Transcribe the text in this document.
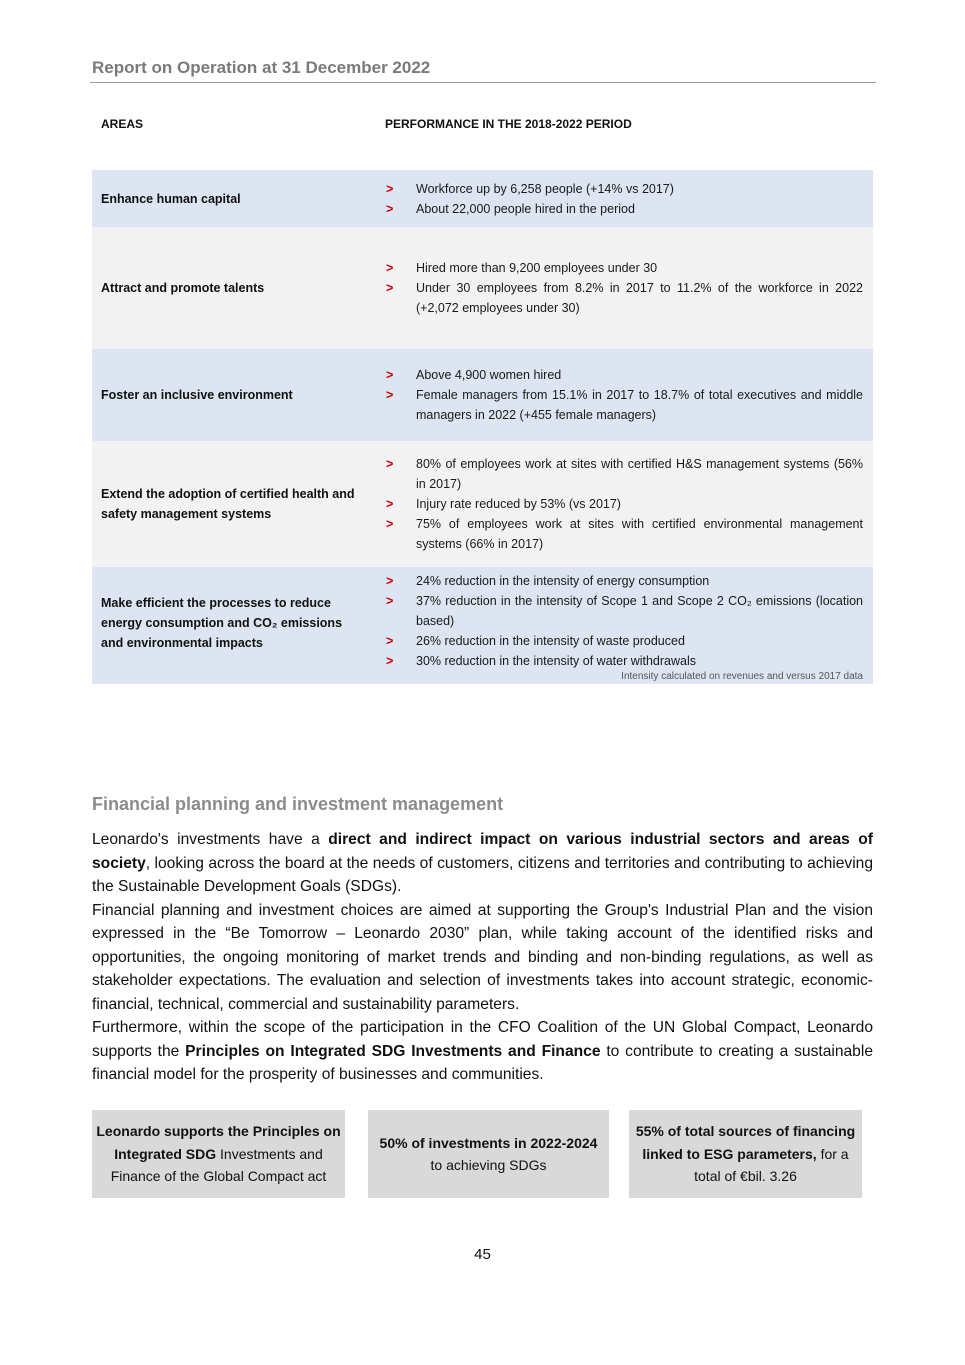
Report on Operation at 31 December 2022
AREAS	PERFORMANCE IN THE 2018-2022 PERIOD
Enhance human capital
>	Workforce up by 6,258 people (+14% vs 2017)
>	About 22,000 people hired in the period
Attract and promote talents
>	Hired more than 9,200 employees under 30
>	Under 30 employees from 8.2% in 2017 to 11.2% of the workforce in 2022 (+2,072 employees under 30)
Foster an inclusive environment
>	Above 4,900 women hired
>	Female managers from 15.1% in 2017 to 18.7% of total executives and middle managers in 2022 (+455 female managers)
Extend the adoption of certified health and safety management systems
>	80% of employees work at sites with certified H&S management systems (56% in 2017)
>	Injury rate reduced by 53% (vs 2017)
>	75% of employees work at sites with certified environmental management systems (66% in 2017)
Make efficient the processes to reduce energy consumption and CO₂ emissions and environmental impacts
>	24% reduction in the intensity of energy consumption
>	37% reduction in the intensity of Scope 1 and Scope 2 CO₂ emissions (location based)
>	26% reduction in the intensity of waste produced
>	30% reduction in the intensity of water withdrawals
Intensity calculated on revenues and versus 2017 data
Financial planning and investment management

Leonardo's investments have a direct and indirect impact on various industrial sectors and areas of society, looking across the board at the needs of customers, citizens and territories and contributing to achieving the Sustainable Development Goals (SDGs).

Financial planning and investment choices are aimed at supporting the Group's Industrial Plan and the vision expressed in the “Be Tomorrow – Leonardo 2030” plan, while taking account of the identified risks and opportunities, the ongoing monitoring of market trends and binding and non-binding regulations, as well as stakeholder expectations. The evaluation and selection of investments takes into account strategic, economic-financial, technical, commercial and sustainability parameters.

Furthermore, within the scope of the participation in the CFO Coalition of the UN Global Compact, Leonardo supports the Principles on Integrated SDG Investments and Finance to contribute to creating a sustainable financial model for the prosperity of businesses and communities.

Leonardo supports the Principles on Integrated SDG Investments and Finance of the Global Compact act
50% of investments in 2022-2024 to achieving SDGs
55% of total sources of financing linked to ESG parameters, for a total of €bil. 3.26
45
